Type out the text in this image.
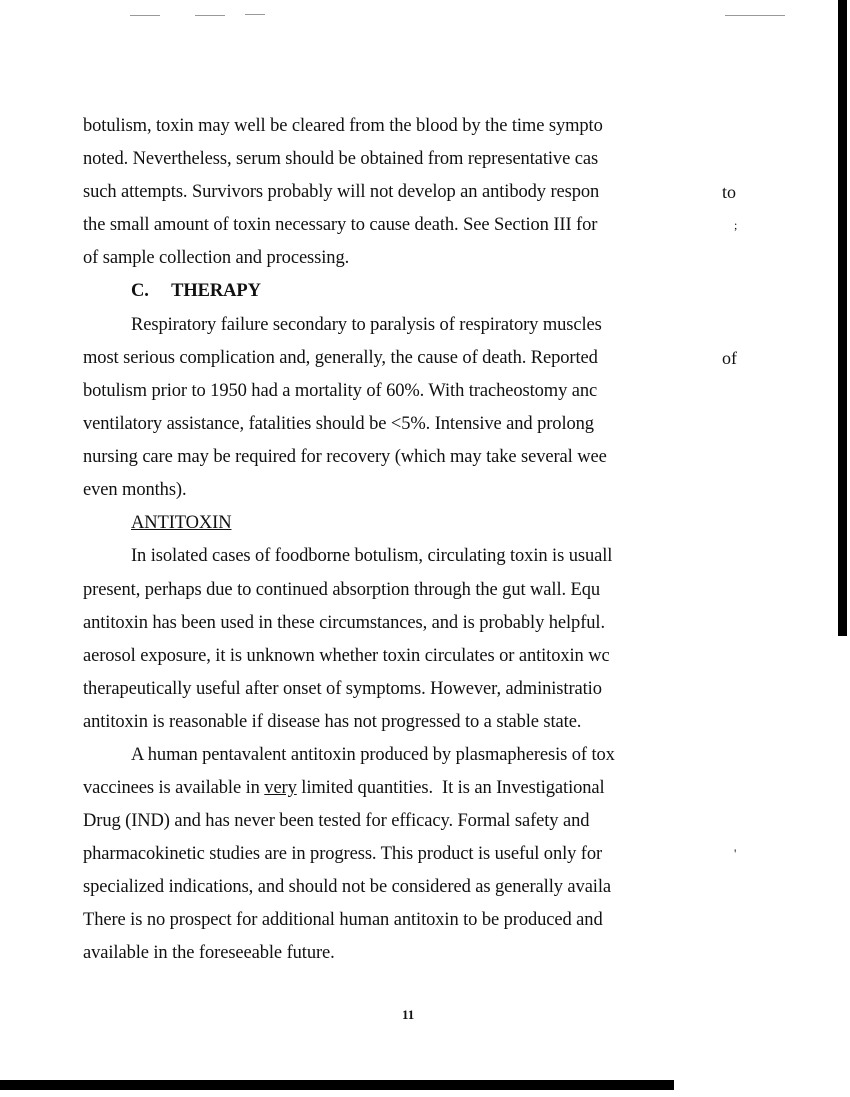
botulism, toxin may well be cleared from the blood by the time sympto
noted. Nevertheless, serum should be obtained from representative cas
such attempts. Survivors probably will not develop an antibody respon
the small amount of toxin necessary to cause death. See Section III for
of sample collection and processing.
C.     THERAPY
Respiratory failure secondary to paralysis of respiratory muscles
most serious complication and, generally, the cause of death. Reported
botulism prior to 1950 had a mortality of 60%. With tracheostomy anc
ventilatory assistance, fatalities should be <5%. Intensive and prolong
nursing care may be required for recovery (which may take several wee
even months).
ANTITOXIN
In isolated cases of foodborne botulism, circulating toxin is usuall
present, perhaps due to continued absorption through the gut wall. Equ
antitoxin has been used in these circumstances, and is probably helpful.
aerosol exposure, it is unknown whether toxin circulates or antitoxin wc
therapeutically useful after onset of symptoms. However, administratio
antitoxin is reasonable if disease has not progressed to a stable state.
A human pentavalent antitoxin produced by plasmapheresis of tox
vaccinees is available in very limited quantities.  It is an Investigational
Drug (IND) and has never been tested for efficacy. Formal safety and
pharmacokinetic studies are in progress. This product is useful only for
specialized indications, and should not be considered as generally availa
There is no prospect for additional human antitoxin to be produced and
available in the foreseeable future.
to
;
of
'
11
